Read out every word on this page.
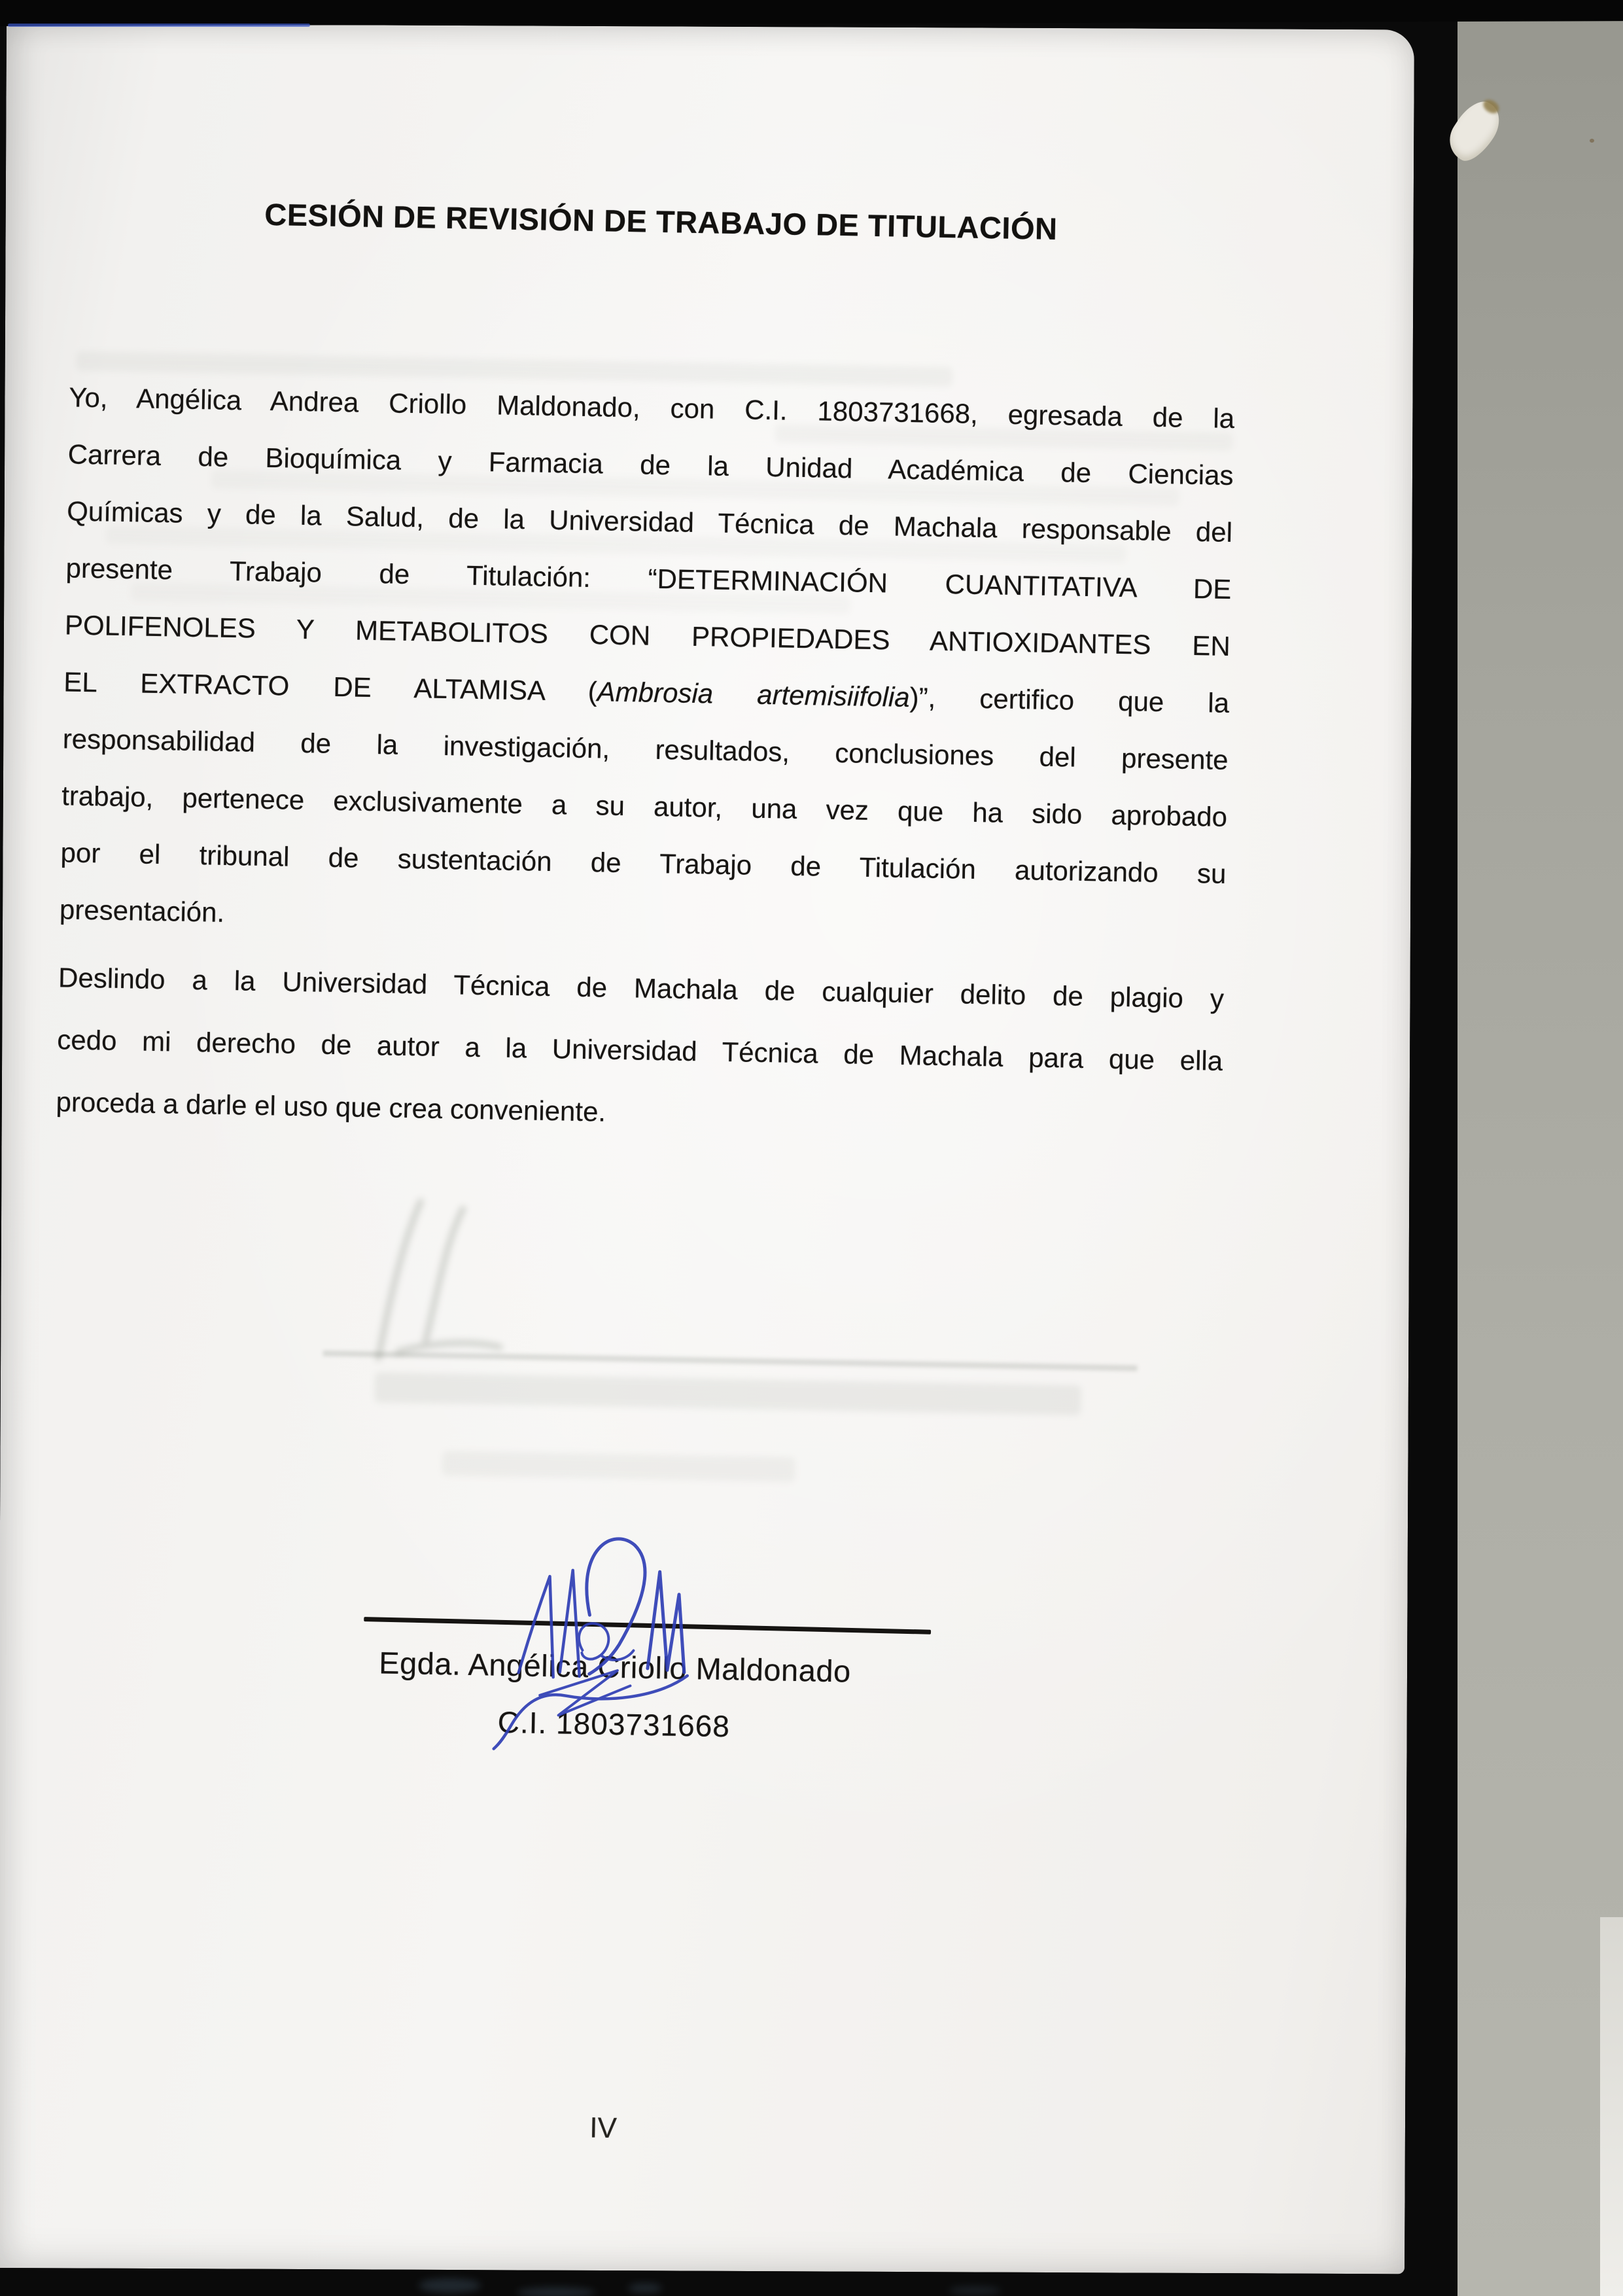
CESIÓN DE REVISIÓN DE TRABAJO DE TITULACIÓN
Yo, Angélica Andrea Criollo Maldonado, con C.I. 1803731668, egresada de la
Carrera de Bioquímica y Farmacia de la Unidad Académica de Ciencias
Químicas y de la Salud, de la Universidad Técnica de Machala responsable del
presente Trabajo de Titulación: “DETERMINACIÓN CUANTITATIVA DE
POLIFENOLES Y METABOLITOS CON PROPIEDADES ANTIOXIDANTES EN
EL EXTRACTO DE ALTAMISA (Ambrosia artemisiifolia)”, certifico que la
responsabilidad de la investigación, resultados, conclusiones del presente
trabajo, pertenece exclusivamente a su autor, una vez que ha sido aprobado
por el tribunal de sustentación de Trabajo de Titulación autorizando su
presentación.
Deslindo a la Universidad Técnica de Machala de cualquier delito de plagio y
cedo mi derecho de autor a la Universidad Técnica de Machala para que ella
proceda a darle el uso que crea conveniente.
Egda. Angélica Criollo Maldonado
C.I. 1803731668
IV
